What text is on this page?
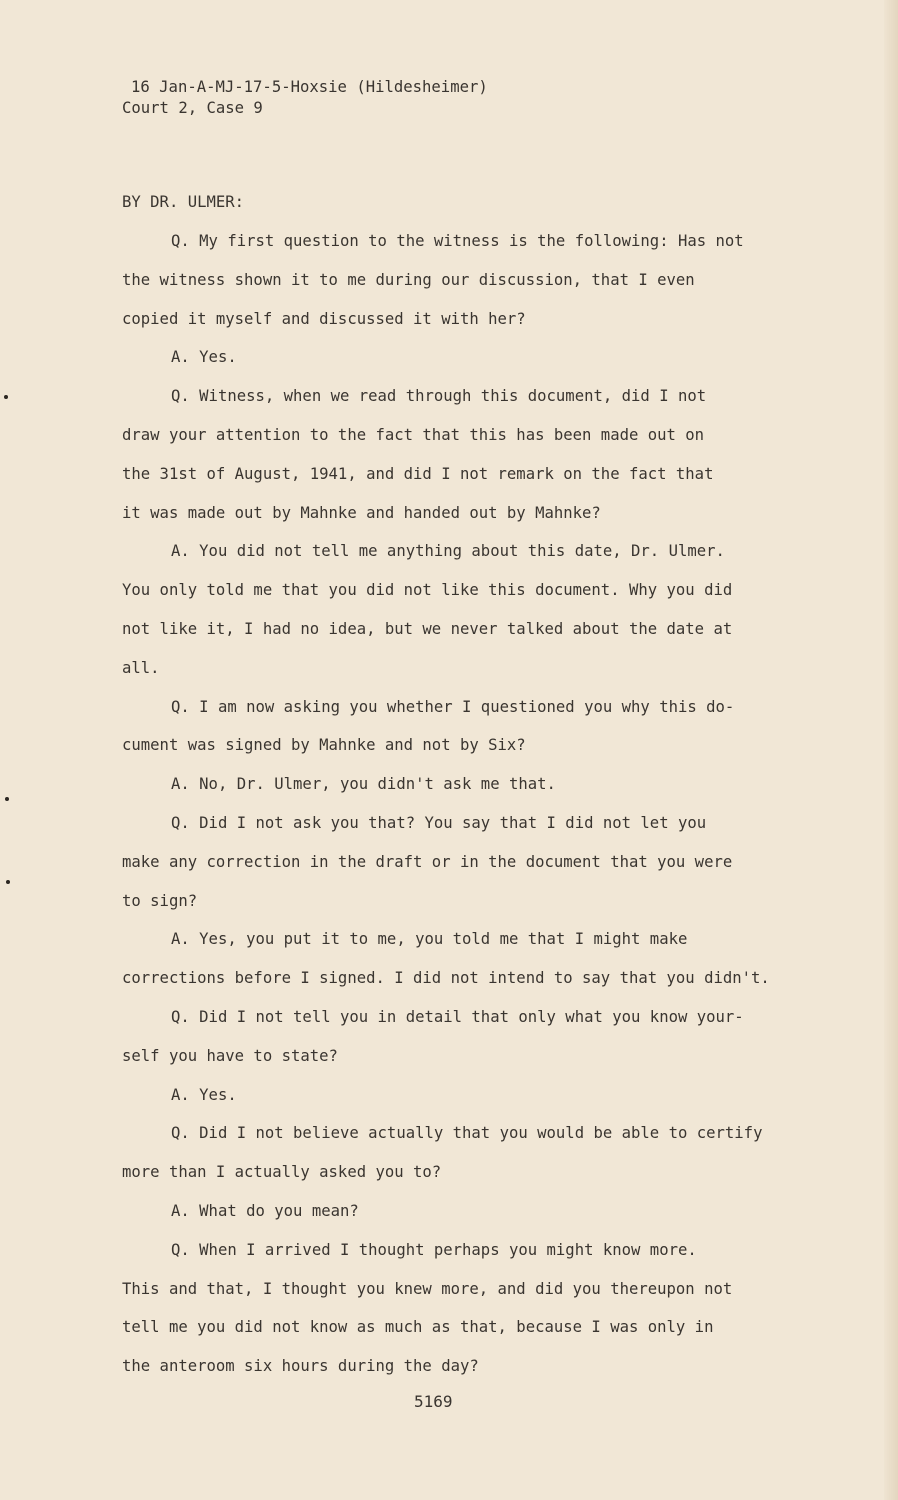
16 Jan-A-MJ-17-5-Hoxsie (Hildesheimer)
Court 2, Case 9
BY DR. ULMER:
Q. My first question to the witness is the following: Has not
the witness shown it to me during our discussion, that I even
copied it myself and discussed it with her?
A. Yes.
Q. Witness, when we read through this document, did I not
draw your attention to the fact that this has been made out on
the 31st of August, 1941, and did I not remark on the fact that
it was made out by Mahnke and handed out by Mahnke?
A. You did not tell me anything about this date, Dr. Ulmer.
You only told me that you did not like this document. Why you did
not like it, I had no idea, but we never talked about the date at
all.
Q. I am now asking you whether I questioned you why this do-
cument was signed by Mahnke and not by Six?
A. No, Dr. Ulmer, you didn't ask me that.
Q. Did I not ask you that? You say that I did not let you
make any correction in the draft or in the document that you were
to sign?
A. Yes, you put it to me, you told me that I might make
corrections before I signed. I did not intend to say that you didn't.
Q. Did I not tell you in detail that only what you know your-
self you have to state?
A. Yes.
Q. Did I not believe actually that you would be able to certify
more than I actually asked you to?
A. What do you mean?
Q. When I arrived I thought perhaps you might know more.
This and that, I thought you knew more, and did you thereupon not
tell me you did not know as much as that, because I was only in
the anteroom six hours during the day?
5169
